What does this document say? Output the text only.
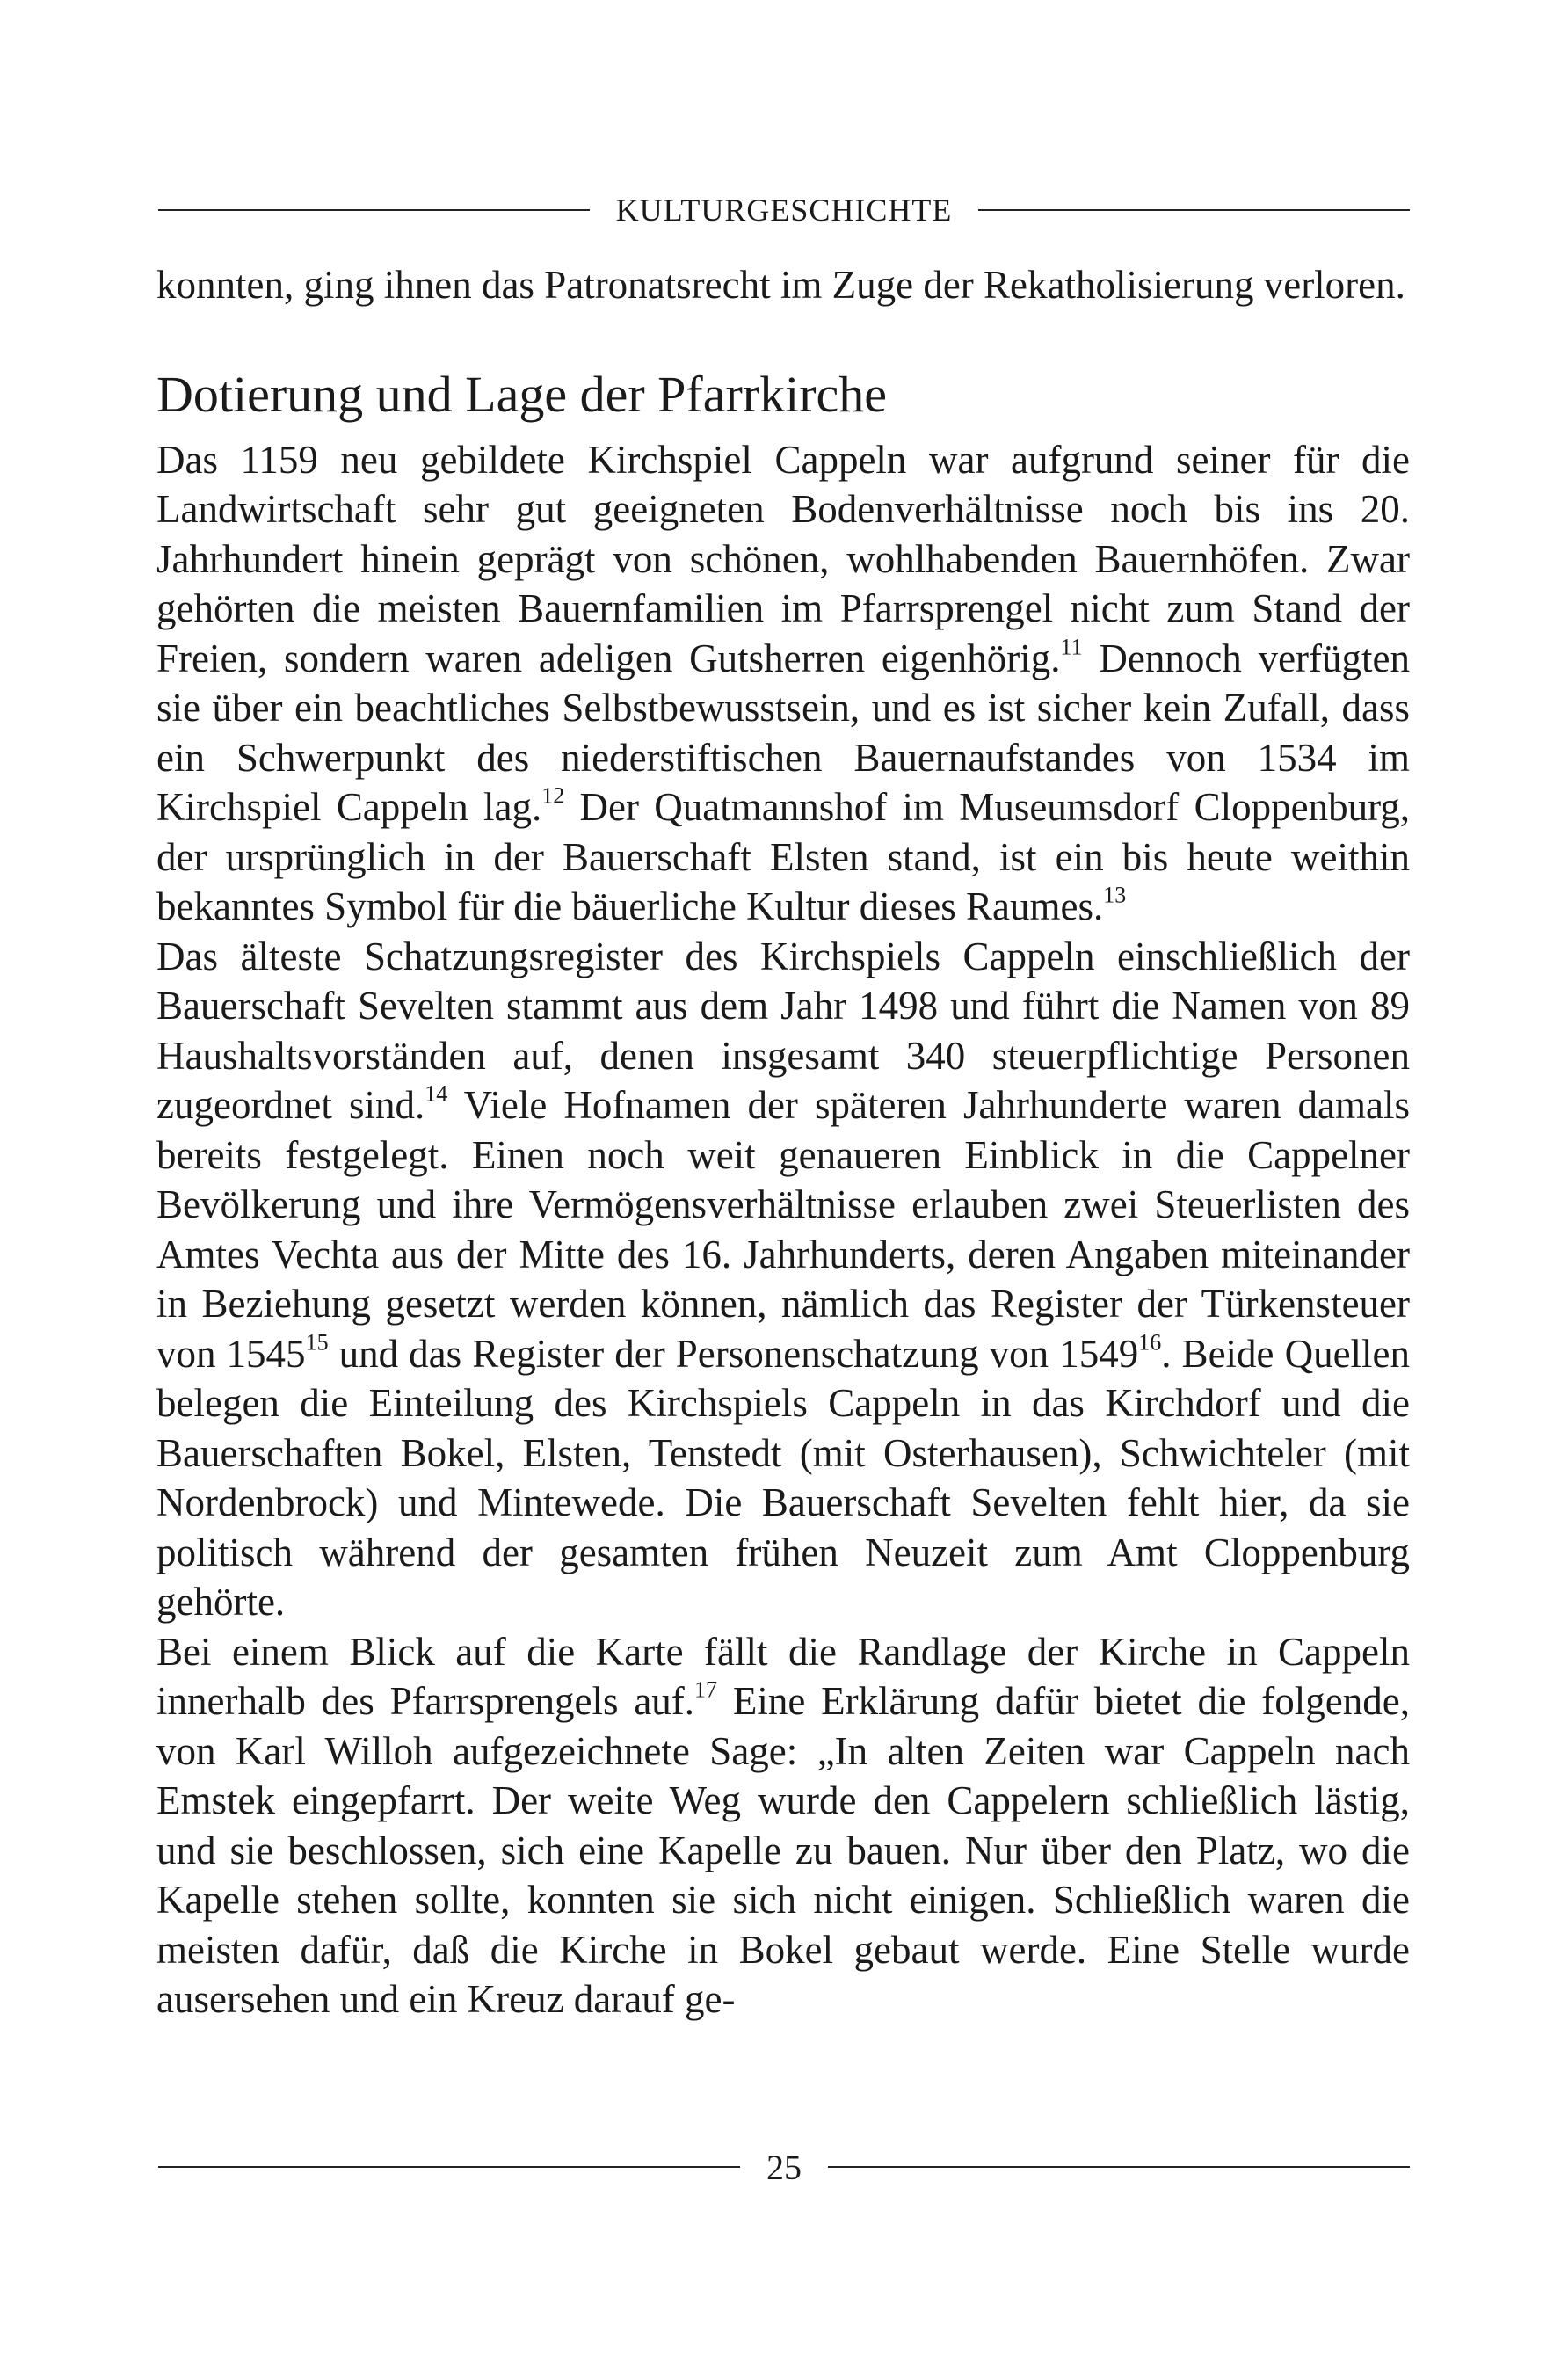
KULTURGESCHICHTE

konnten, ging ihnen das Patronatsrecht im Zuge der Rekatholisierung verloren.

Dotierung und Lage der Pfarrkirche

Das 1159 neu gebildete Kirchspiel Cappeln war aufgrund seiner für die Landwirtschaft sehr gut geeigneten Bodenverhältnisse noch bis ins 20. Jahrhundert hinein geprägt von schönen, wohlhabenden Bauernhöfen. Zwar gehörten die meisten Bauernfamilien im Pfarrsprengel nicht zum Stand der Freien, sondern waren adeligen Gutsherren eigenhörig.$^{11}$ Dennoch verfügten sie über ein beachtliches Selbstbewusstsein, und es ist sicher kein Zufall, dass ein Schwerpunkt des niederstiftischen Bauernaufstandes von 1534 im Kirchspiel Cappeln lag.$^{12}$ Der Quatmannshof im Museumsdorf Cloppenburg, der ursprünglich in der Bauerschaft Elsten stand, ist ein bis heute weithin bekanntes Symbol für die bäuerliche Kultur dieses Raumes.$^{13}$

Das älteste Schatzungsregister des Kirchspiels Cappeln einschließlich der Bauerschaft Sevelten stammt aus dem Jahr 1498 und führt die Namen von 89 Haushaltsvorständen auf, denen insgesamt 340 steuerpflichtige Personen zugeordnet sind.$^{14}$ Viele Hofnamen der späteren Jahrhunderte waren damals bereits festgelegt. Einen noch weit genaueren Einblick in die Cappelner Bevölkerung und ihre Vermögensverhältnisse erlauben zwei Steuerlisten des Amtes Vechta aus der Mitte des 16. Jahrhunderts, deren Angaben miteinander in Beziehung gesetzt werden können, nämlich das Register der Türkensteuer von 1545$^{15}$ und das Register der Personenschatzung von 1549$^{16}$. Beide Quellen belegen die Einteilung des Kirchspiels Cappeln in das Kirchdorf und die Bauerschaften Bokel, Elsten, Tenstedt (mit Osterhausen), Schwichteler (mit Nordenbrock) und Mintewede. Die Bauerschaft Sevelten fehlt hier, da sie politisch während der gesamten frühen Neuzeit zum Amt Cloppenburg gehörte.

Bei einem Blick auf die Karte fällt die Randlage der Kirche in Cappeln innerhalb des Pfarrsprengels auf.$^{17}$ Eine Erklärung dafür bietet die folgende, von Karl Willoh aufgezeichnete Sage: „In alten Zeiten war Cappeln nach Emstek eingepfarrt. Der weite Weg wurde den Cappelern schließlich lästig, und sie beschlossen, sich eine Kapelle zu bauen. Nur über den Platz, wo die Kapelle stehen sollte, konnten sie sich nicht einigen. Schließlich waren die meisten dafür, daß die Kirche in Bokel gebaut werde. Eine Stelle wurde ausersehen und ein Kreuz darauf ge-

25
